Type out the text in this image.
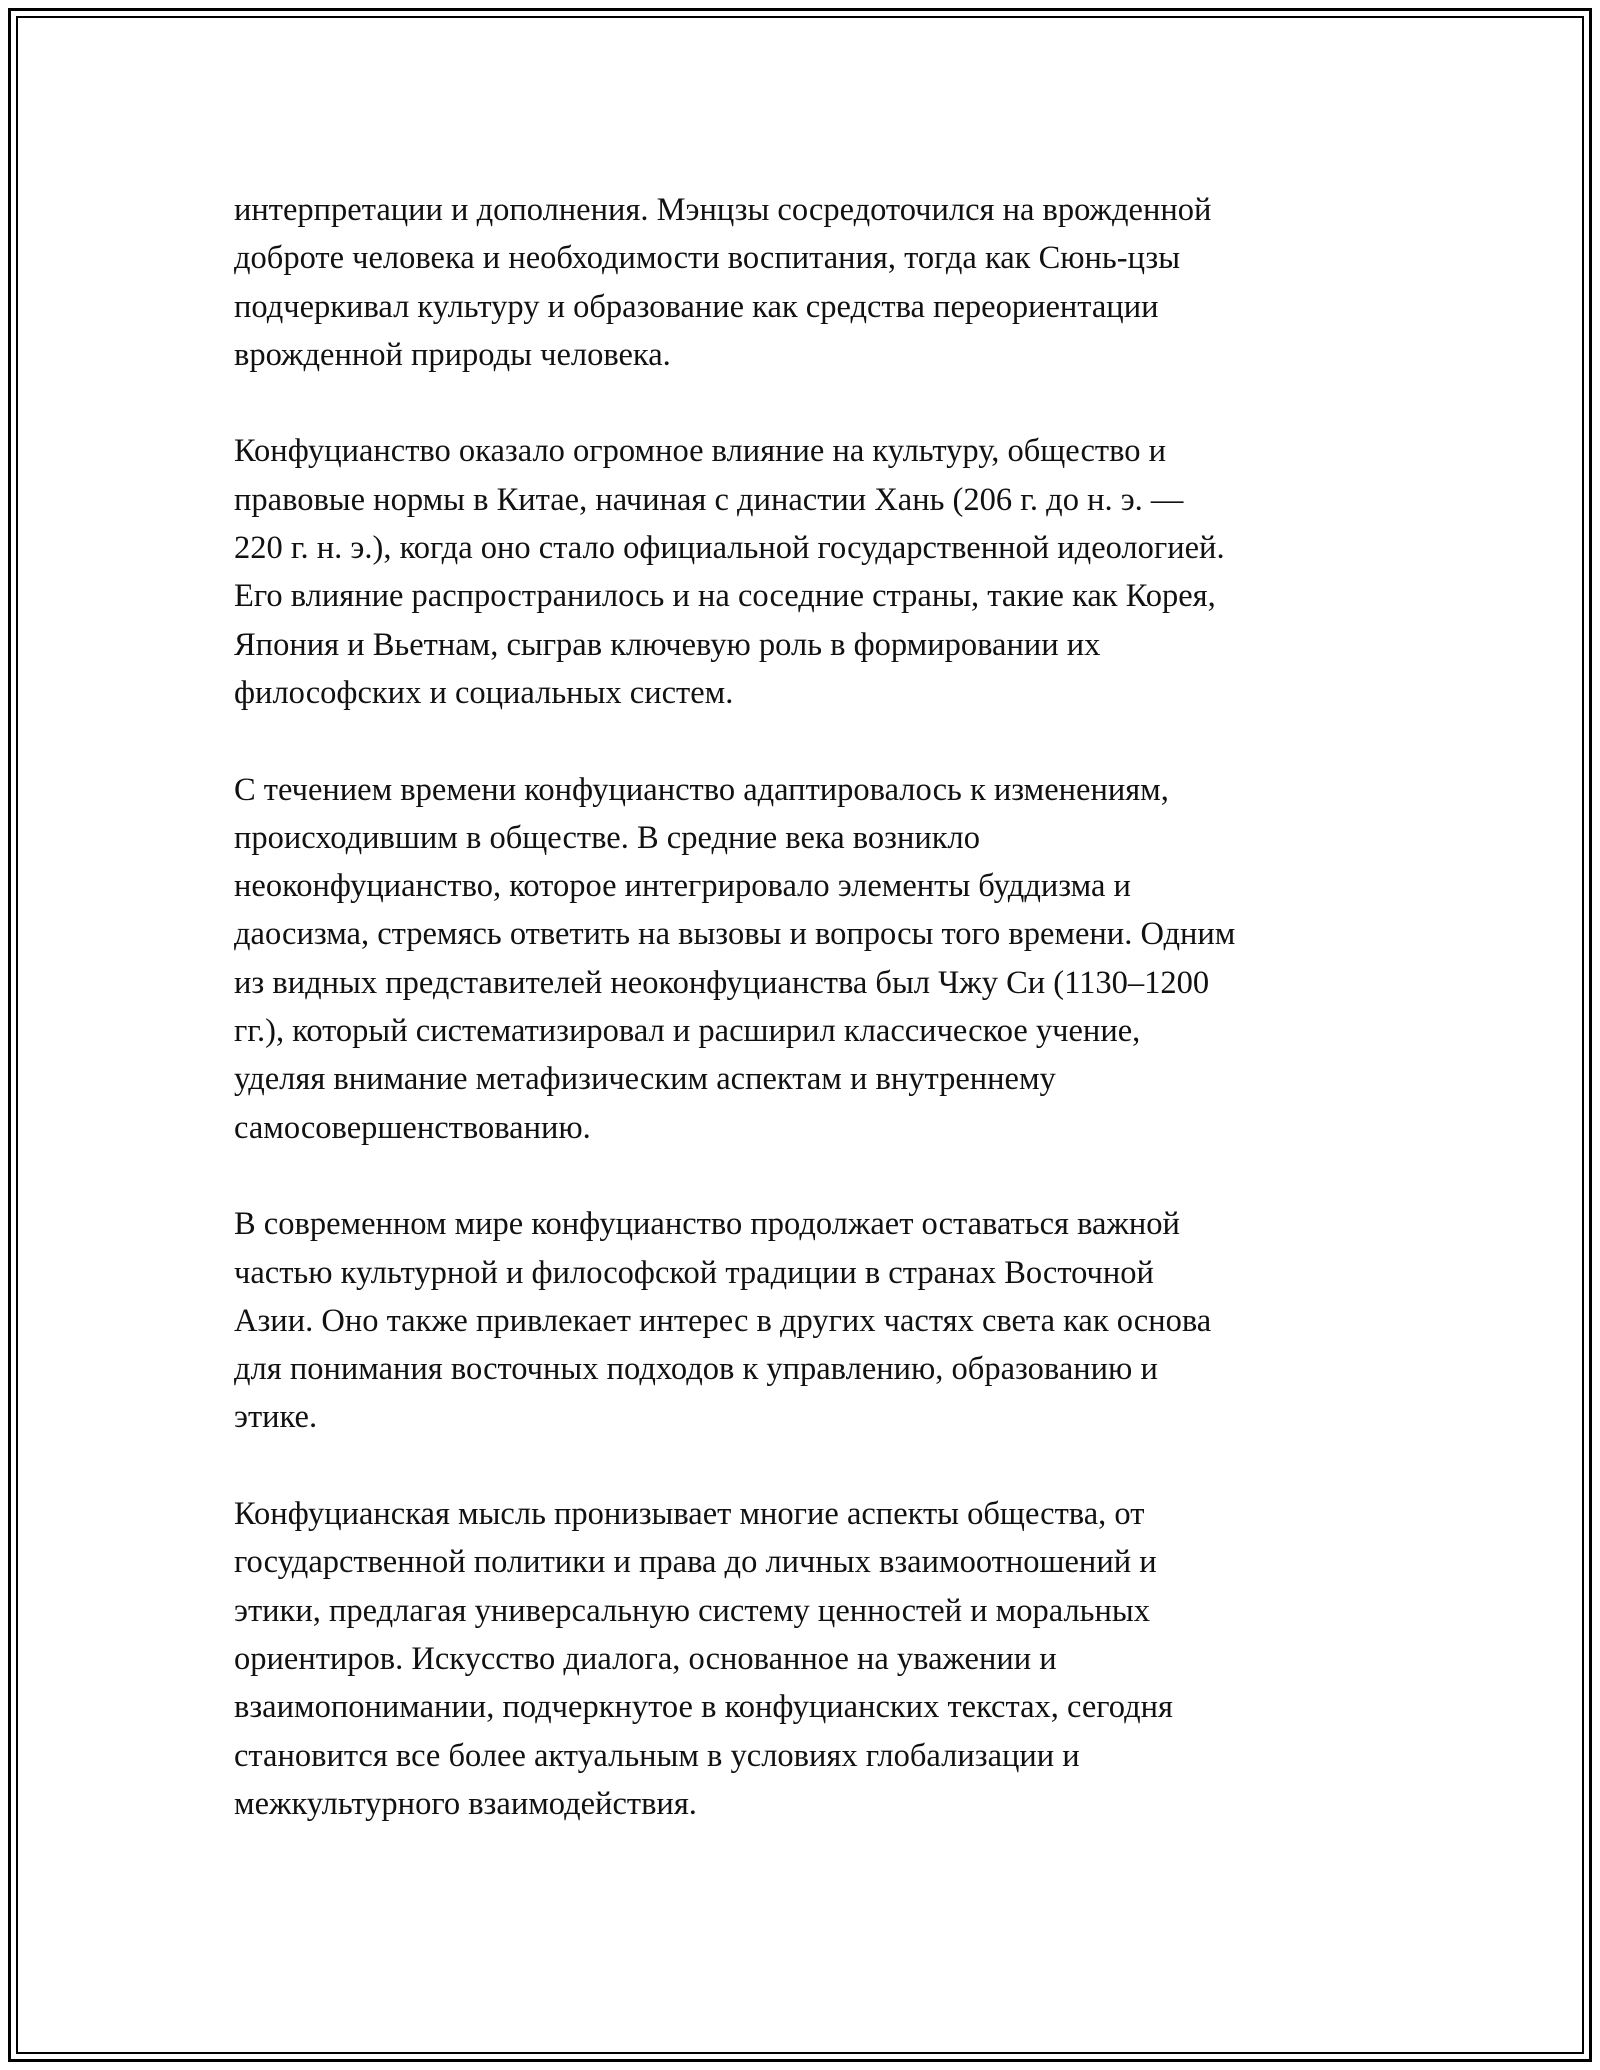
интерпретации и дополнения. Мэнцзы сосредоточился на врожденной
доброте человека и необходимости воспитания, тогда как Сюнь-цзы
подчеркивал культуру и образование как средства переориентации
врожденной природы человека.

Конфуцианство оказало огромное влияние на культуру, общество и
правовые нормы в Китае, начиная с династии Хань (206 г. до н. э. —
220 г. н. э.), когда оно стало официальной государственной идеологией.
Его влияние распространилось и на соседние страны, такие как Корея,
Япония и Вьетнам, сыграв ключевую роль в формировании их
философских и социальных систем.

С течением времени конфуцианство адаптировалось к изменениям,
происходившим в обществе. В средние века возникло
неоконфуцианство, которое интегрировало элементы буддизма и
даосизма, стремясь ответить на вызовы и вопросы того времени. Одним
из видных представителей неоконфуцианства был Чжу Си (1130–1200
гг.), который систематизировал и расширил классическое учение,
уделяя внимание метафизическим аспектам и внутреннему
самосовершенствованию.

В современном мире конфуцианство продолжает оставаться важной
частью культурной и философской традиции в странах Восточной
Азии. Оно также привлекает интерес в других частях света как основа
для понимания восточных подходов к управлению, образованию и
этике.

Конфуцианская мысль пронизывает многие аспекты общества, от
государственной политики и права до личных взаимоотношений и
этики, предлагая универсальную систему ценностей и моральных
ориентиров. Искусство диалога, основанное на уважении и
взаимопонимании, подчеркнутое в конфуцианских текстах, сегодня
становится все более актуальным в условиях глобализации и
межкультурного взаимодействия.
